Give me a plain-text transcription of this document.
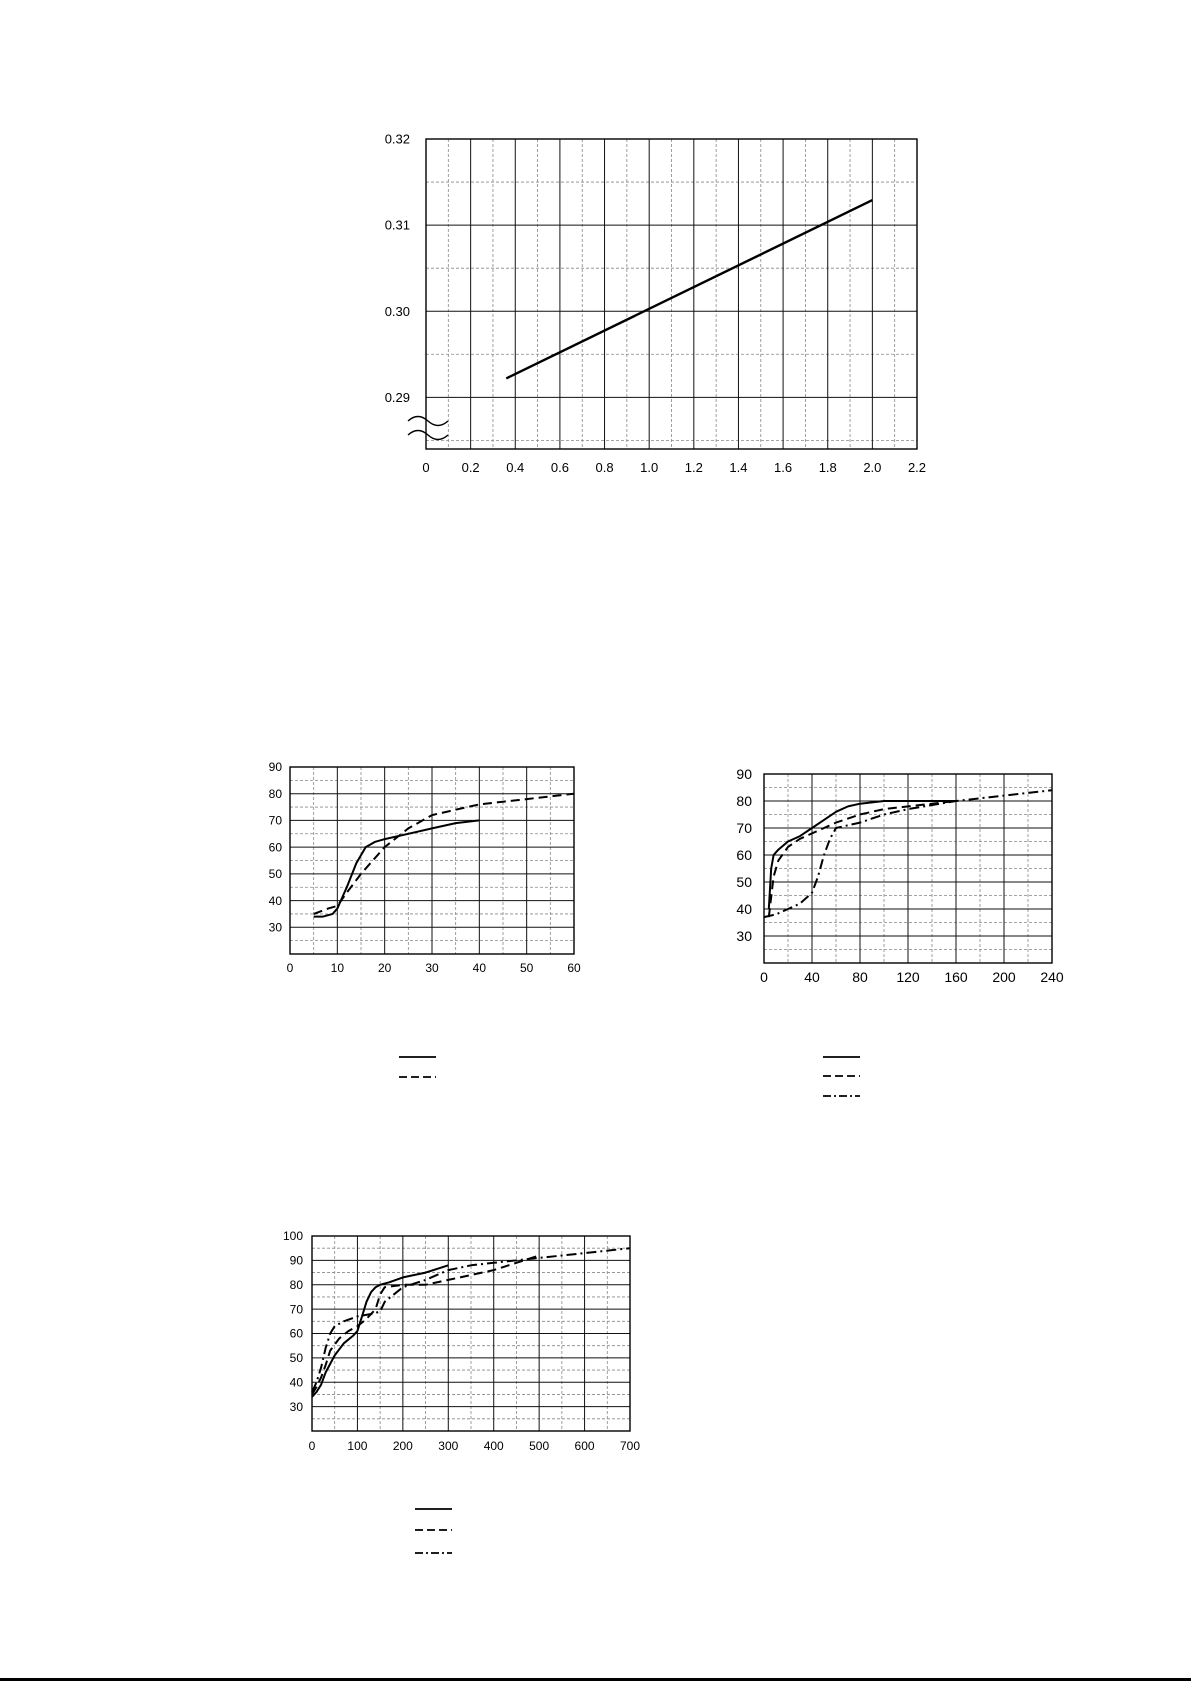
0 0.2 0.4 0.6 0.8 1.0 1.2 1.4 1.6 1.8 2.0 2.2
0.29
0.30
0.31
0.32
0	10	20	30	40	50	60
30
40
50
60
70
80
90
0	40 80 120 160 200 240
30
40
50
60
70
80
90
0	100 200 300 400 500 600 700
30
40
50
60
70
80
90
100
